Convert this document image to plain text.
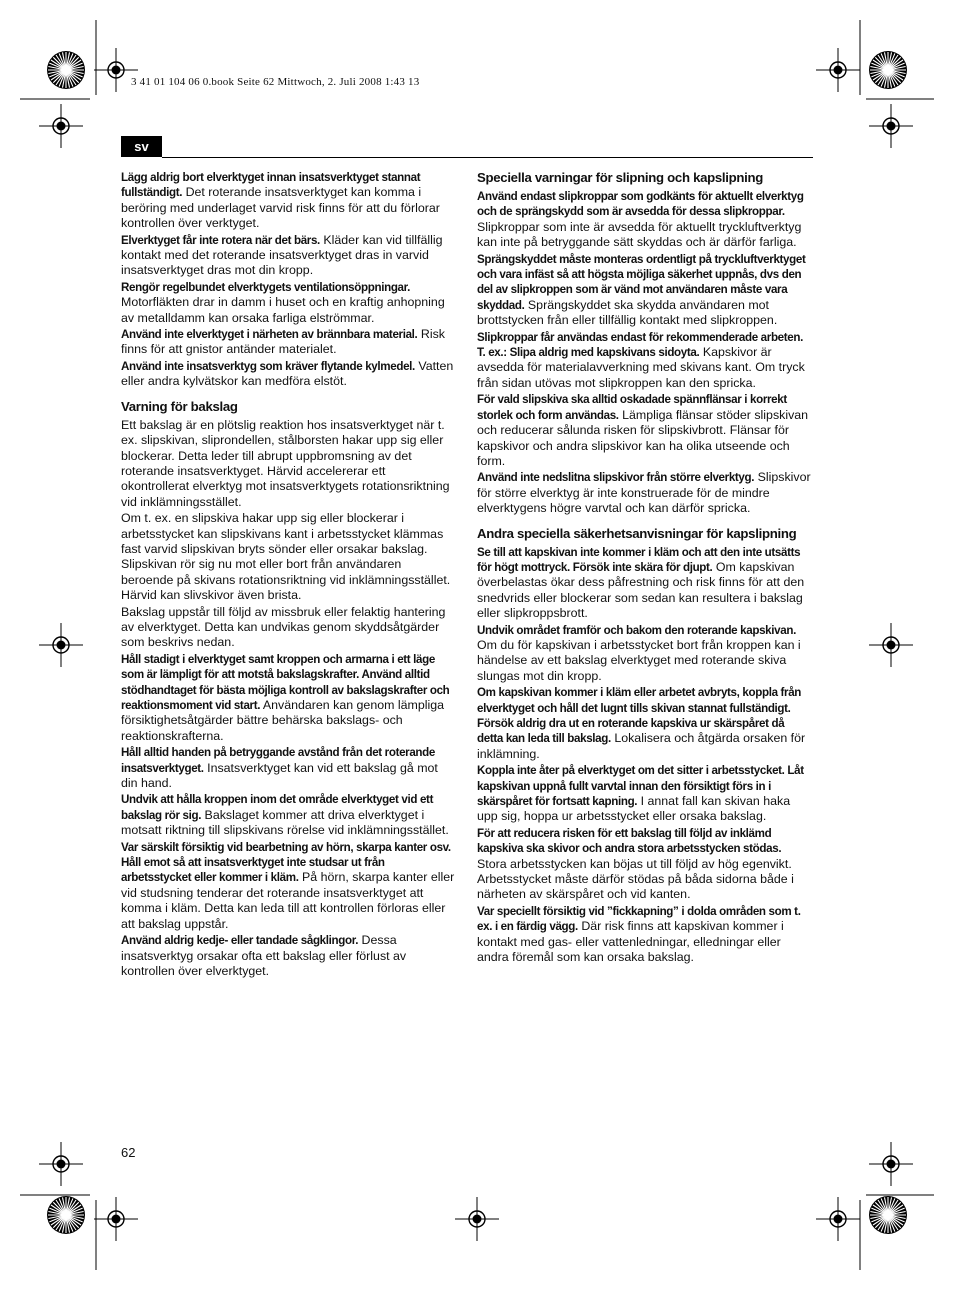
3 41 01 104 06 0.book Seite 62 Mittwoch, 2. Juli 2008 1:43 13
sv
Lägg aldrig bort elverktyget innan insatsverktyget stannat fullständigt. Det roterande insatsverktyget kan komma i beröring med underlaget varvid risk finns för att du förlorar kontrollen över verktyget.
Elverktyget får inte rotera när det bärs. Kläder kan vid tillfällig kontakt med det roterande insatsverktyget dras in varvid insatsverktyget dras mot din kropp.
Rengör regelbundet elverktygets ventilationsöppningar. Motorfläkten drar in damm i huset och en kraftig anhopning av metalldamm kan orsaka farliga elströmmar.
Använd inte elverktyget i närheten av brännbara material. Risk finns för att gnistor antänder materialet.
Använd inte insatsverktyg som kräver flytande kylmedel. Vatten eller andra kylvätskor kan medföra elstöt.
Varning för bakslag
Ett bakslag är en plötslig reaktion hos insatsverktyget när t. ex. slipskivan, sliprondellen, stålborsten hakar upp sig eller blockerar. Detta leder till abrupt uppbromsning av det roterande insatsverktyget. Härvid accelererar ett okontrollerat elverktyg mot insatsverktygets rotationsriktning vid inklämningsstället.
Om t. ex. en slipskiva hakar upp sig eller blockerar i arbetsstycket kan slipskivans kant i arbetsstycket klämmas fast varvid slipskivan bryts sönder eller orsakar bakslag. Slipskivan rör sig nu mot eller bort från användaren beroende på skivans rotationsriktning vid inklämningsstället. Härvid kan slivskivor även brista.
Bakslag uppstår till följd av missbruk eller felaktig hantering av elverktyget. Detta kan undvikas genom skyddsåtgärder som beskrivs nedan.
Håll stadigt i elverktyget samt kroppen och armarna i ett läge som är lämpligt för att motstå bakslagskrafter. Använd alltid stödhandtaget för bästa möjliga kontroll av bakslagskrafter och reaktionsmoment vid start. Användaren kan genom lämpliga försiktighetsåtgärder bättre behärska bakslags- och reaktionskrafterna.
Håll alltid handen på betryggande avstånd från det roterande insatsverktyget. Insatsverktyget kan vid ett bakslag gå mot din hand.
Undvik att hålla kroppen inom det område elverktyget vid ett bakslag rör sig. Bakslaget kommer att driva elverktyget i motsatt riktning till slipskivans rörelse vid inklämningsstället.
Var särskilt försiktig vid bearbetning av hörn, skarpa kanter osv. Håll emot så att insatsverktyget inte studsar ut från arbetsstycket eller kommer i kläm. På hörn, skarpa kanter eller vid studsning tenderar det roterande insatsverktyget att komma i kläm. Detta kan leda till att kontrollen förloras eller att bakslag uppstår.
Använd aldrig kedje- eller tandade sågklingor. Dessa insatsverktyg orsakar ofta ett bakslag eller förlust av kontrollen över elverktyget.
Speciella varningar för slipning och kapslipning
Använd endast slipkroppar som godkänts för aktuellt elverktyg och de sprängskydd som är avsedda för dessa slipkroppar. Slipkroppar som inte är avsedda för aktuellt tryckluftverktyg kan inte på betryggande sätt skyddas och är därför farliga.
Sprängskyddet måste monteras ordentligt på tryckluftverktyget och vara infäst så att högsta möjliga säkerhet uppnås, dvs den del av slipkroppen som är vänd mot användaren måste vara skyddad. Sprängskyddet ska skydda användaren mot brottstycken från eller tillfällig kontakt med slipkroppen.
Slipkroppar får användas endast för rekommenderade arbeten. T. ex.: Slipa aldrig med kapskivans sidoyta. Kapskivor är avsedda för materialavverkning med skivans kant. Om tryck från sidan utövas mot slipkroppen kan den spricka.
För vald slipskiva ska alltid oskadade spännflänsar i korrekt storlek och form användas. Lämpliga flänsar stöder slipskivan och reducerar sålunda risken för slipskivbrott. Flänsar för kapskivor och andra slipskivor kan ha olika utseende och form.
Använd inte nedslitna slipskivor från större elverktyg. Slipskivor för större elverktyg är inte konstruerade för de mindre elverktygens högre varvtal och kan därför spricka.
Andra speciella säkerhetsanvisningar för kapslipning
Se till att kapskivan inte kommer i kläm och att den inte utsätts för högt mottryck. Försök inte skära för djupt. Om kapskivan överbelastas ökar dess påfrestning och risk finns för att den snedvrids eller blockerar som sedan kan resultera i bakslag eller slipkroppsbrott.
Undvik området framför och bakom den roterande kapskivan. Om du för kapskivan i arbetsstycket bort från kroppen kan i händelse av ett bakslag elverktyget med roterande skiva slungas mot din kropp.
Om kapskivan kommer i kläm eller arbetet avbryts, koppla från elverktyget och håll det lugnt tills skivan stannat fullständigt. Försök aldrig dra ut en roterande kapskiva ur skärspåret då detta kan leda till bakslag. Lokalisera och åtgärda orsaken för inklämning.
Koppla inte åter på elverktyget om det sitter i arbetsstycket. Låt kapskivan uppnå fullt varvtal innan den försiktigt förs in i skärspåret för fortsatt kapning. I annat fall kan skivan haka upp sig, hoppa ur arbetsstycket eller orsaka bakslag.
För att reducera risken för ett bakslag till följd av inklämd kapskiva ska skivor och andra stora arbetsstycken stödas. Stora arbetsstycken kan böjas ut till följd av hög egenvikt. Arbetsstycket måste därför stödas på båda sidorna både i närheten av skärspåret och vid kanten.
Var speciellt försiktig vid ”fickkapning” i dolda områden som t. ex. i en färdig vägg. Där risk finns att kapskivan kommer i kontakt med gas- eller vattenledningar, elledningar eller andra föremål som kan orsaka bakslag.
62
